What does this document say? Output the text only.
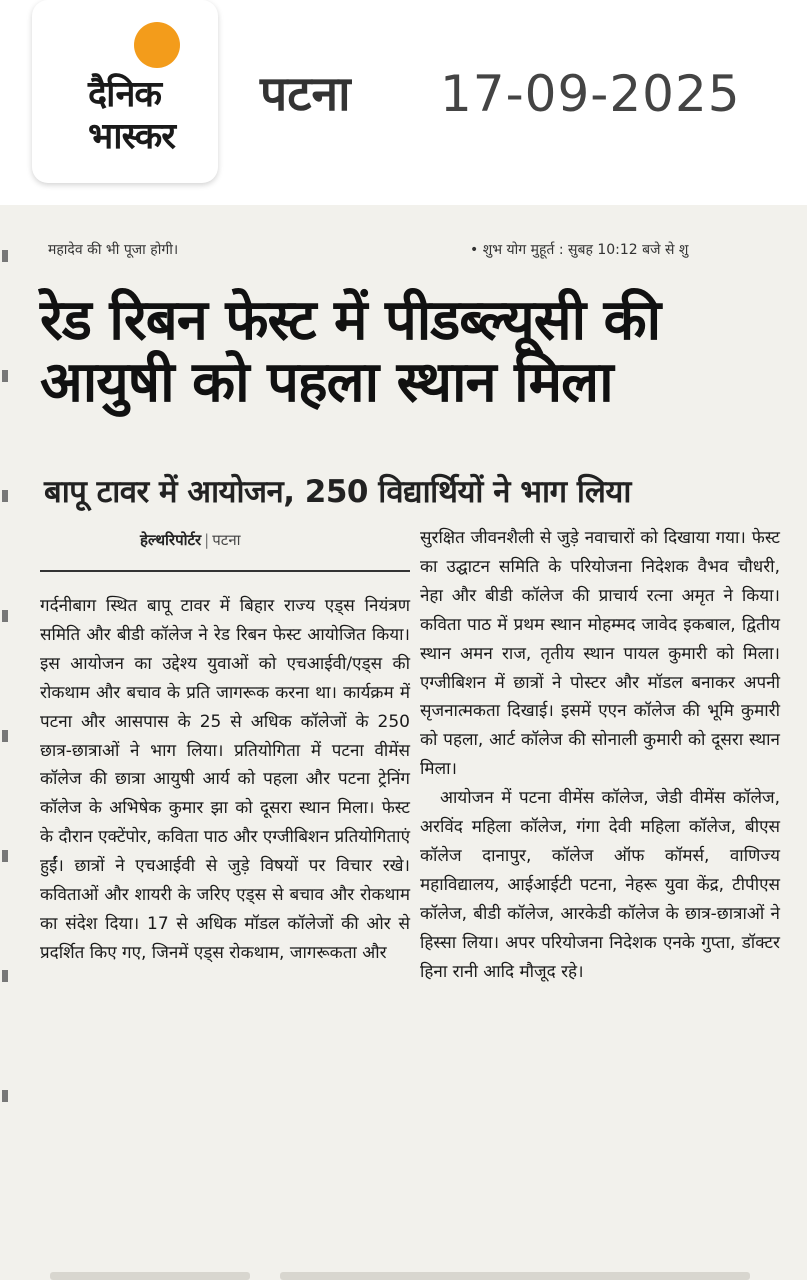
दैनिक
भास्कर
पटना 17-09-2025
महादेव की भी पूजा होगी।	• शुभ योग मुहूर्त : सुबह 10:12 बजे से शु
रेड रिबन फेस्ट में पीडब्ल्यूसी की आयुषी को पहला स्थान मिला
बापू टावर में आयोजन, 250 विद्यार्थियों ने भाग लिया
हेल्थरिपोर्टर | पटना

गर्दनीबाग स्थित बापू टावर में बिहार राज्य एड्स नियंत्रण समिति और बीडी कॉलेज ने रेड रिबन फेस्ट आयोजित किया। इस आयोजन का उद्देश्य युवाओं को एचआईवी/एड्स की रोकथाम और बचाव के प्रति जागरूक करना था। कार्यक्रम में पटना और आसपास के 25 से अधिक कॉलेजों के 250 छात्र-छात्राओं ने भाग लिया। प्रतियोगिता में पटना वीमेंस कॉलेज की छात्रा आयुषी आर्य को पहला और पटना ट्रेनिंग कॉलेज के अभिषेक कुमार झा को दूसरा स्थान मिला। फेस्ट के दौरान एक्टेंपोर, कविता पाठ और एग्जीबिशन प्रतियोगिताएं हुईं। छात्रों ने एचआईवी से जुड़े विषयों पर विचार रखे। कविताओं और शायरी के जरिए एड्स से बचाव और रोकथाम का संदेश दिया। 17 से अधिक मॉडल कॉलेजों की ओर से प्रदर्शित किए गए, जिनमें एड्स रोकथाम, जागरूकता और

सुरक्षित जीवनशैली से जुड़े नवाचारों को दिखाया गया। फेस्ट का उद्घाटन समिति के परियोजना निदेशक वैभव चौधरी, नेहा और बीडी कॉलेज की प्राचार्य रत्ना अमृत ने किया। कविता पाठ में प्रथम स्थान मोहम्मद जावेद इकबाल, द्वितीय स्थान अमन राज, तृतीय स्थान पायल कुमारी को मिला। एग्जीबिशन में छात्रों ने पोस्टर और मॉडल बनाकर अपनी सृजनात्मकता दिखाई। इसमें एएन कॉलेज की भूमि कुमारी को पहला, आर्ट कॉलेज की सोनाली कुमारी को दूसरा स्थान मिला।

आयोजन में पटना वीमेंस कॉलेज, जेडी वीमेंस कॉलेज, अरविंद महिला कॉलेज, गंगा देवी महिला कॉलेज, बीएस कॉलेज दानापुर, कॉलेज ऑफ कॉमर्स, वाणिज्य महाविद्यालय, आईआईटी पटना, नेहरू युवा केंद्र, टीपीएस कॉलेज, बीडी कॉलेज, आरकेडी कॉलेज के छात्र-छात्राओं ने हिस्सा लिया। अपर परियोजना निदेशक एनके गुप्ता, डॉक्टर हिना रानी आदि मौजूद रहे।
